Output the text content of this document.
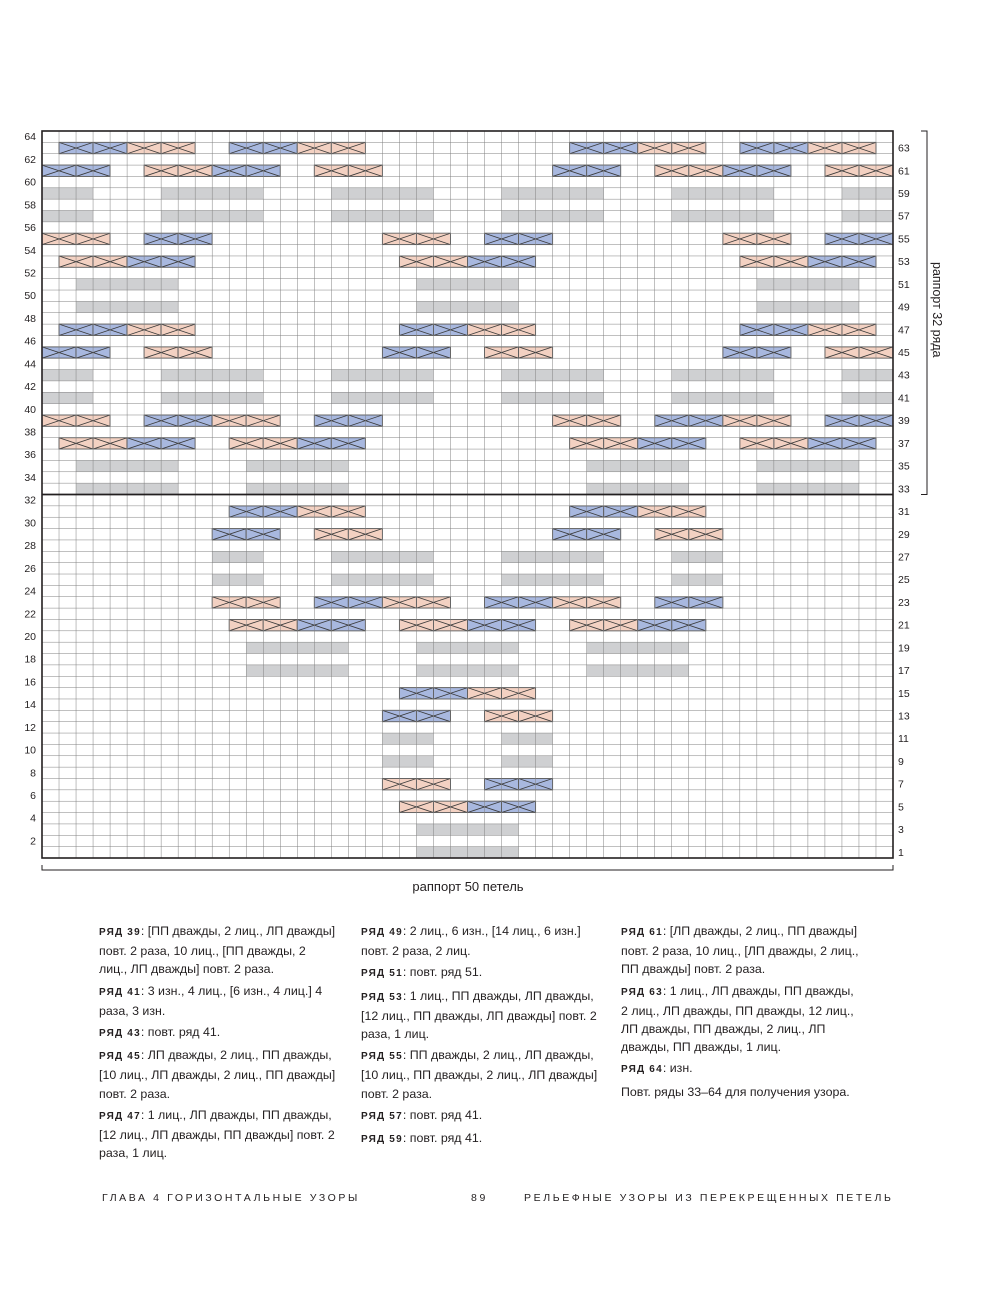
2
4
6
8
10
12
14
16
18
20
22
24
26
28
30
32
34
36
38
40
42
44
46
48
50
52
54
56
58
60
62
64
1
3
5
7
9
11
13
15
17
19
21
23
25
27
29
31
33
35
37
39
41
43
45
47
49
51
53
55
57
59
61
63
раппорт 50 петель
раппорт 32 ряда

РЯД 39: [ПП дважды, 2 лиц., ЛП дважды] повт. 2 раза, 10 лиц., [ПП дважды, 2 лиц., ЛП дважды] повт. 2 раза.

РЯД 41: 3 изн., 4 лиц., [6 изн., 4 лиц.] 4 раза, 3 изн.

РЯД 43: повт. ряд 41.

РЯД 45: ЛП дважды, 2 лиц., ПП дважды, [10 лиц., ЛП дважды, 2 лиц., ПП дважды] повт. 2 раза.

РЯД 47: 1 лиц., ЛП дважды, ПП дважды, [12 лиц., ЛП дважды, ПП дважды] повт. 2 раза, 1 лиц.

РЯД 49: 2 лиц., 6 изн., [14 лиц., 6 изн.] повт. 2 раза, 2 лиц.

РЯД 51: повт. ряд 51.

РЯД 53: 1 лиц., ПП дважды, ЛП дважды, [12 лиц., ПП дважды, ЛП дважды] повт. 2 раза, 1 лиц.

РЯД 55: ПП дважды, 2 лиц., ЛП дважды, [10 лиц., ПП дважды, 2 лиц., ЛП дважды] повт. 2 раза.

РЯД 57: повт. ряд 41.

РЯД 59: повт. ряд 41.

РЯД 61: [ЛП дважды, 2 лиц., ПП дважды] повт. 2 раза, 10 лиц., [ЛП дважды, 2 лиц., ПП дважды] повт. 2 раза.

РЯД 63: 1 лиц., ЛП дважды, ПП дважды, 2 лиц., ЛП дважды, ПП дважды, 12 лиц., ЛП дважды, ПП дважды, 2 лиц., ЛП дважды, ПП дважды, 1 лиц.

РЯД 64: изн.

Повт. ряды 33–64 для получения узора.

ГЛАВА 4 ГОРИЗОНТАЛЬНЫЕ УЗОРЫ	89	РЕЛЬЕФНЫЕ УЗОРЫ ИЗ ПЕРЕКРЕЩЕННЫХ ПЕТЕЛЬ
